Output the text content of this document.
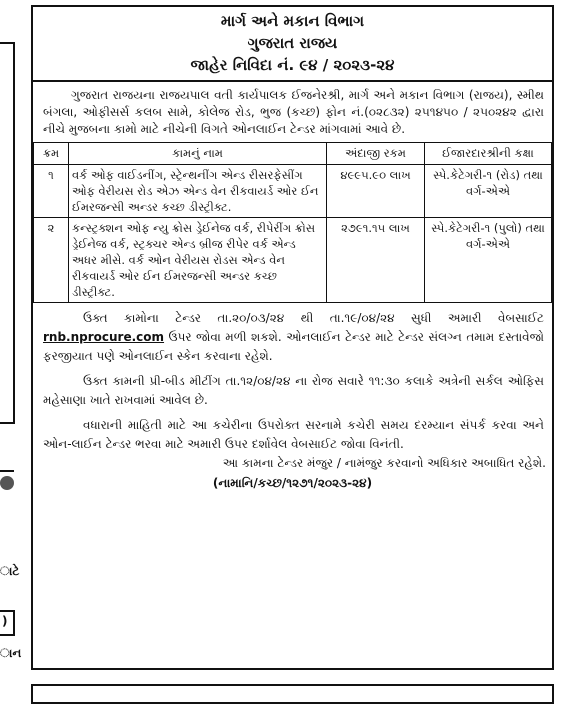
ાટે
)
ાન
માર્ગ અને મકાન વિભાગ
ગુજરાત રાજય
જાહેર નિવિદા નં. ૯૪ / ૨૦૨૩-૨૪

ગુજરાત રાજયના રાજયપાલ વતી કાર્યપાલક ઈજનેરશ્રી, માર્ગ અને મકાન વિભાગ (રાજય), સ્મીથ બંગલા, ઓફીસર્સ કલબ સામે, કોલેજ રોડ, ભુજ (કચ્છ) ફોન નં.(૦૨૮૩૨) ૨૫૧૪૫૦ / ૨૫૦૨૪૨ દ્વારા નીચે મુજબના કામો માટે નીચેની વિગતે ઓનલાઈન ટેન્ડર માંગવામાં આવે છે.

ક્રમ	કામનું નામ	અંદાજી રકમ	ઈજારદારશ્રીની કક્ષા
૧	વર્ક ઓફ વાઈડનીંગ, સ્ટ્રેન્થનીંગ એન્ડ રીસરફેસીંગ ઓફ વેરીયસ રોડ એઝ એન્ડ વેન રીકવાયર્ડ ઓર ઈન ઈમરજન્સી અન્ડર કચ્છ ડીસ્ટ્રીક્ટ.	૪૯૯૫.૯૦ લાખ	સ્પે.કેટેગરી-૧ (રોડ) તથા વર્ગ-એએ
૨	કન્સ્ટ્રક્શન ઓફ ન્યુ ક્રોસ ડ્રેઈનેજ વર્ક, રીપેરીંગ ક્રોસ ડ્રેઈનેજ વર્ક, સ્ટ્રક્ચર એન્ડ બ્રીજ રીપેર વર્ક એન્ડ અધર મીસે. વર્ક ઓન વેરીયસ રોડસ એન્ડ વેન રીકવાયર્ડ ઓર ઈન ઈમરજન્સી અન્ડર કચ્છ ડીસ્ટ્રીક્ટ.	૨૭૯૧.૧૫ લાખ	સ્પે.કેટેગરી-૧ (પુલો) તથા વર્ગ-એએ

ઉક્ત કામોના ટેન્ડર તા.૨૦/૦૩/૨૪ થી તા.૧૯/૦૪/૨૪ સુધી અમારી વેબસાઈટ rnb.nprocure.com ઉપર જોવા મળી શકશે. ઓનલાઈન ટેન્ડર માટે ટેન્ડર સંલગ્ન તમામ દસ્તાવેજો ફરજીયાત પણે ઓનલાઈન સ્કેન કરવાના રહેશે.

ઉક્ત કામની પ્રી-બીડ મીટીંગ તા.૧૨/૦૪/૨૪ ના રોજ સવારે ૧૧:૩૦ કલાકે અત્રેની સર્કલ ઓફિસ મહેસાણા ખાતે રાખવામાં આવેલ છે.

વધારાની માહિતી માટે આ કચેરીના ઉપરોક્ત સરનામે કચેરી સમય દરમ્યાન સંપર્ક કરવા અને ઓન-લાઈન ટેન્ડર ભરવા માટે અમારી ઉપર દર્શાવેલ વેબસાઈટ જોવા વિનંતી.

આ કામના ટેન્ડર મંજુર / નામંજુર કરવાનો અધિકાર અબાધિત રહેશે.
(નામાનિ/કચ્છ/૧૨૭૧/૨૦૨૩-૨૪)
